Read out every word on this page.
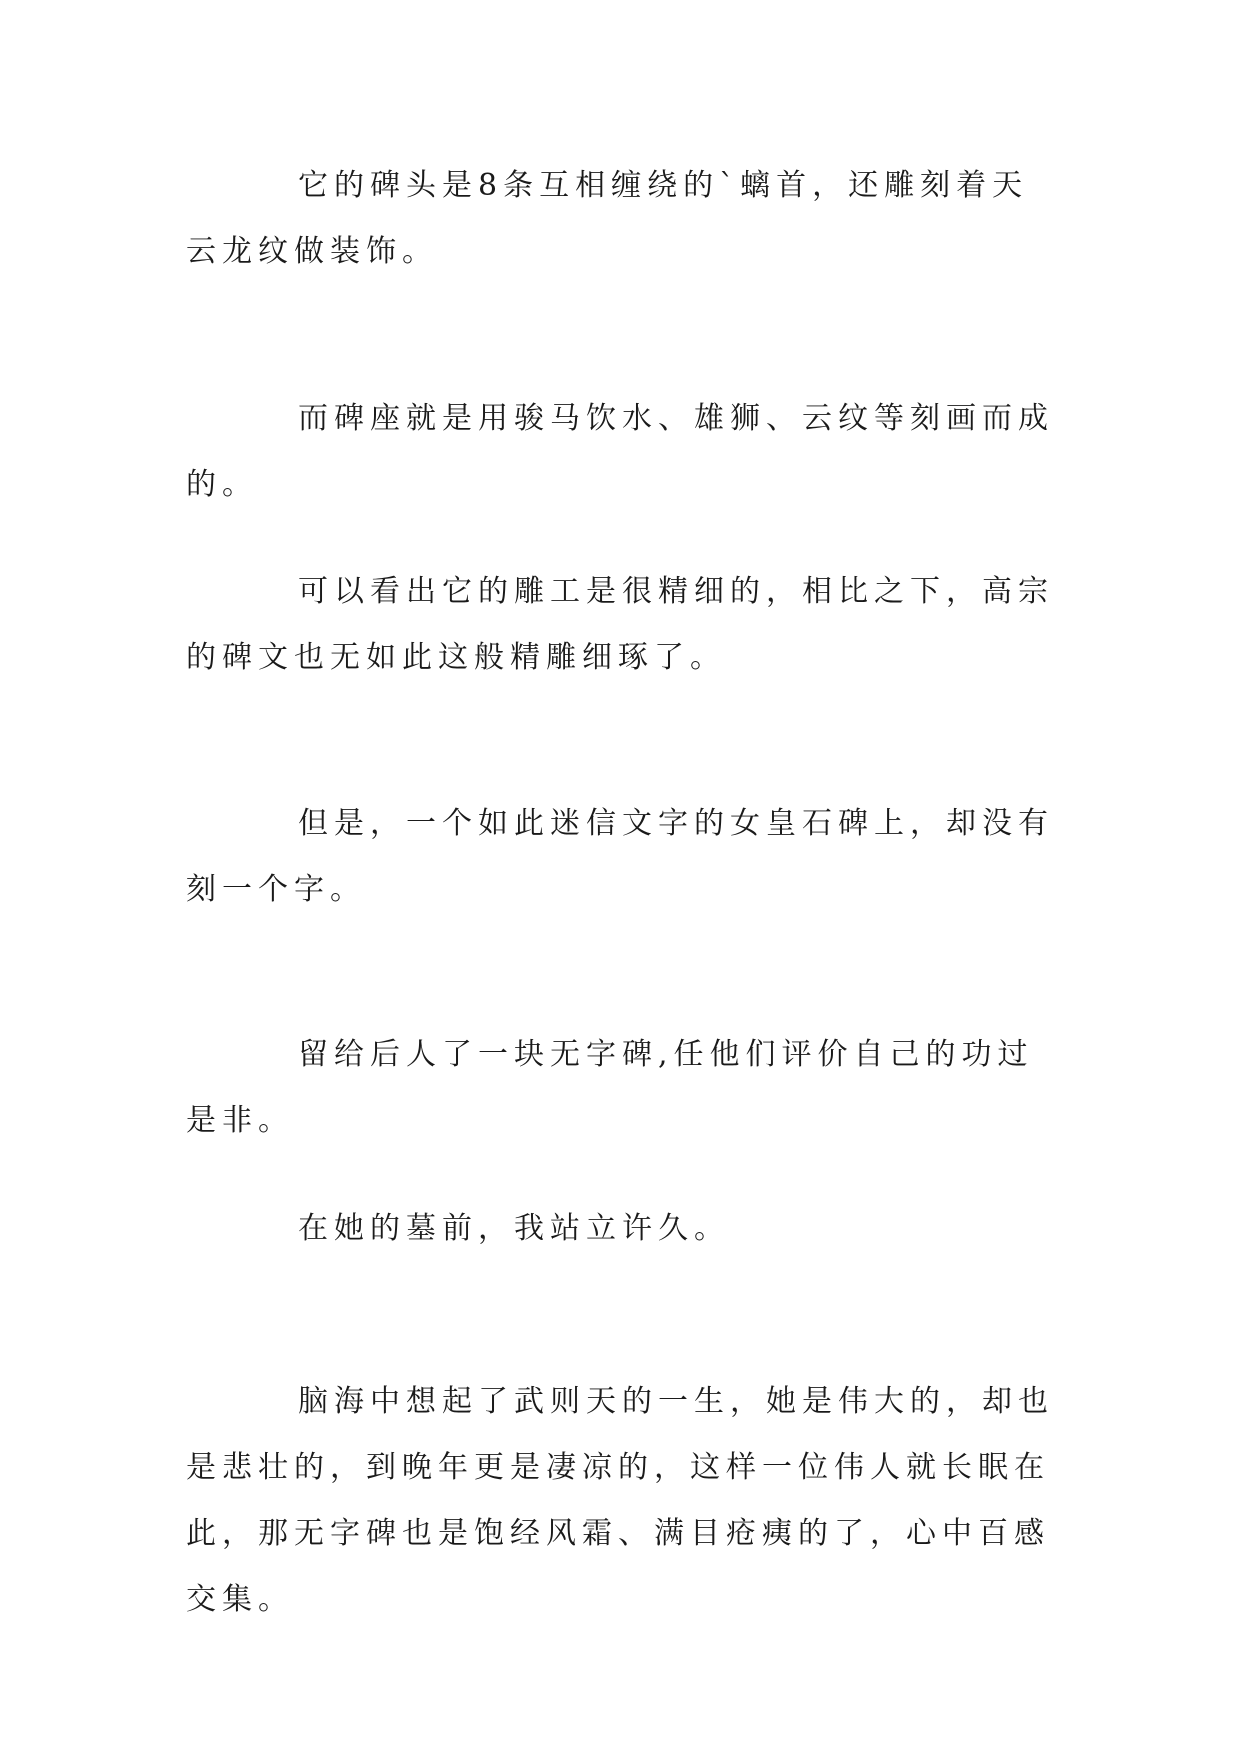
它的碑头是8条互相缠绕的`螭首，还雕刻着天云龙纹做装饰。

而碑座就是用骏马饮水、雄狮、云纹等刻画而成的。

可以看出它的雕工是很精细的，相比之下，高宗的碑文也无如此这般精雕细琢了。

但是，一个如此迷信文字的女皇石碑上，却没有刻一个字。

留给后人了一块无字碑,任他们评价自己的功过是非。

在她的墓前，我站立许久。

脑海中想起了武则天的一生，她是伟大的，却也是悲壮的，到晚年更是凄凉的，这样一位伟人就长眠在此，那无字碑也是饱经风霜、满目疮痍的了，心中百感交集。
